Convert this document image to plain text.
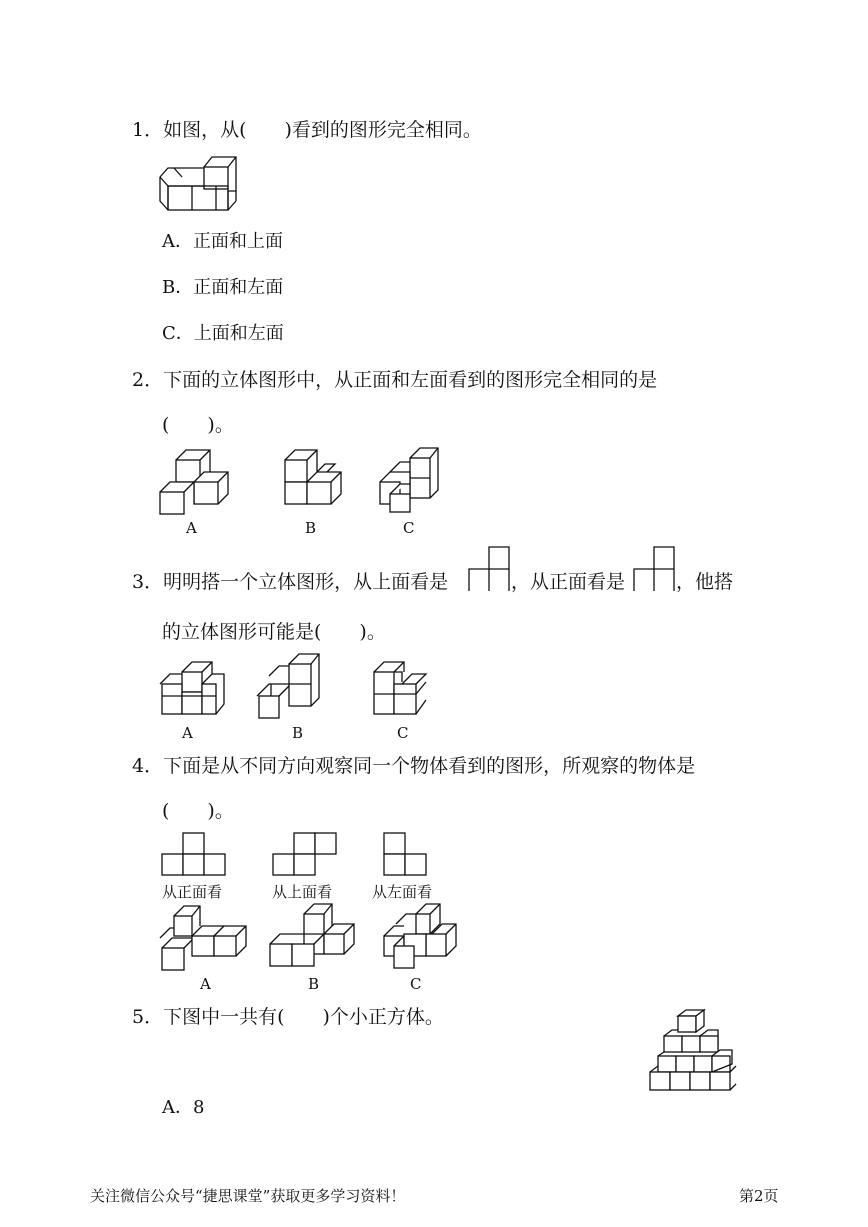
1．如图，从(　　)看到的图形完全相同。
A．正面和上面
B．正面和左面
C．上面和左面
2．下面的立体图形中，从正面和左面看到的图形完全相同的是
(　　)。
A	B	C
3．明明搭一个立体图形，从上面看是	，从正面看是	，他搭
的立体图形可能是(　　)。
A	B	C
4．下面是从不同方向观察同一个物体看到的图形，所观察的物体是
(　　)。
从正面看	从上面看	从左面看
A	B	C
5．下图中一共有(　　)个小正方体。
A．8
关注微信公众号“捷思课堂”获取更多学习资料！	第2页
